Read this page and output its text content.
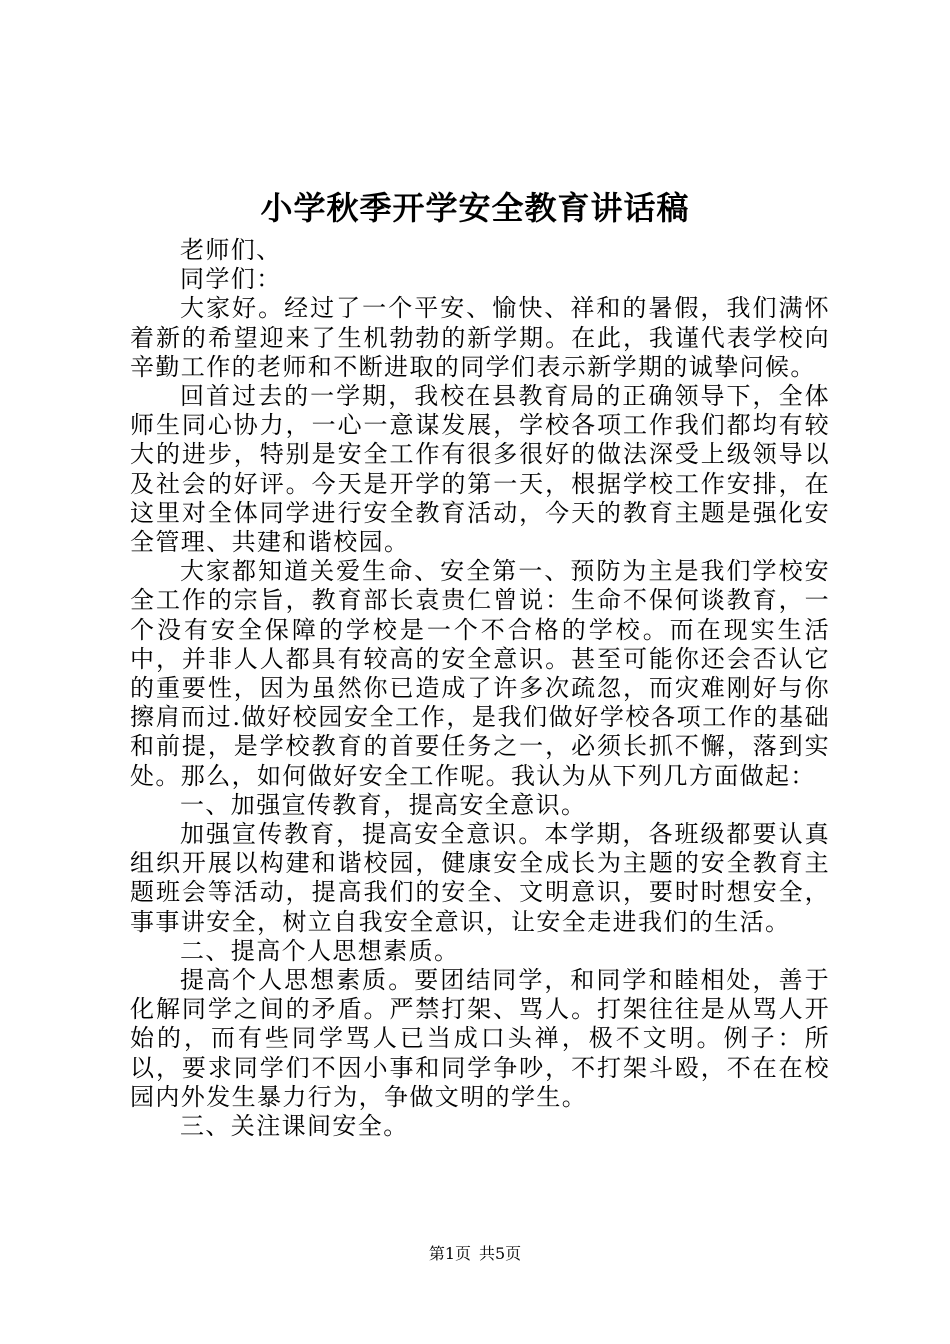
小学秋季开学安全教育讲话稿

老师们、

同学们：

大家好。经过了一个平安、愉快、祥和的暑假，我们满怀着新的希望迎来了生机勃勃的新学期。在此，我谨代表学校向辛勤工作的老师和不断进取的同学们表示新学期的诚挚问候。

回首过去的一学期，我校在县教育局的正确领导下，全体师生同心协力，一心一意谋发展，学校各项工作我们都均有较大的进步，特别是安全工作有很多很好的做法深受上级领导以及社会的好评。今天是开学的第一天，根据学校工作安排，在这里对全体同学进行安全教育活动，今天的教育主题是强化安全管理、共建和谐校园。

大家都知道关爱生命、安全第一、预防为主是我们学校安全工作的宗旨，教育部长袁贵仁曾说：生命不保何谈教育，一个没有安全保障的学校是一个不合格的学校。而在现实生活中，并非人人都具有较高的安全意识。甚至可能你还会否认它的重要性，因为虽然你已造成了许多次疏忽，而灾难刚好与你擦肩而过.做好校园安全工作，是我们做好学校各项工作的基础和前提，是学校教育的首要任务之一，必须长抓不懈，落到实处。那么，如何做好安全工作呢。我认为从下列几方面做起：

一、加强宣传教育，提高安全意识。

加强宣传教育，提高安全意识。本学期，各班级都要认真组织开展以构建和谐校园，健康安全成长为主题的安全教育主题班会等活动，提高我们的安全、文明意识，要时时想安全，事事讲安全，树立自我安全意识，让安全走进我们的生活。

二、提高个人思想素质。

提高个人思想素质。要团结同学，和同学和睦相处，善于化解同学之间的矛盾。严禁打架、骂人。打架往往是从骂人开始的，而有些同学骂人已当成口头禅，极不文明。例子：所以，要求同学们不因小事和同学争吵，不打架斗殴，不在在校园内外发生暴力行为，争做文明的学生。

三、关注课间安全。

第1页 共5页
